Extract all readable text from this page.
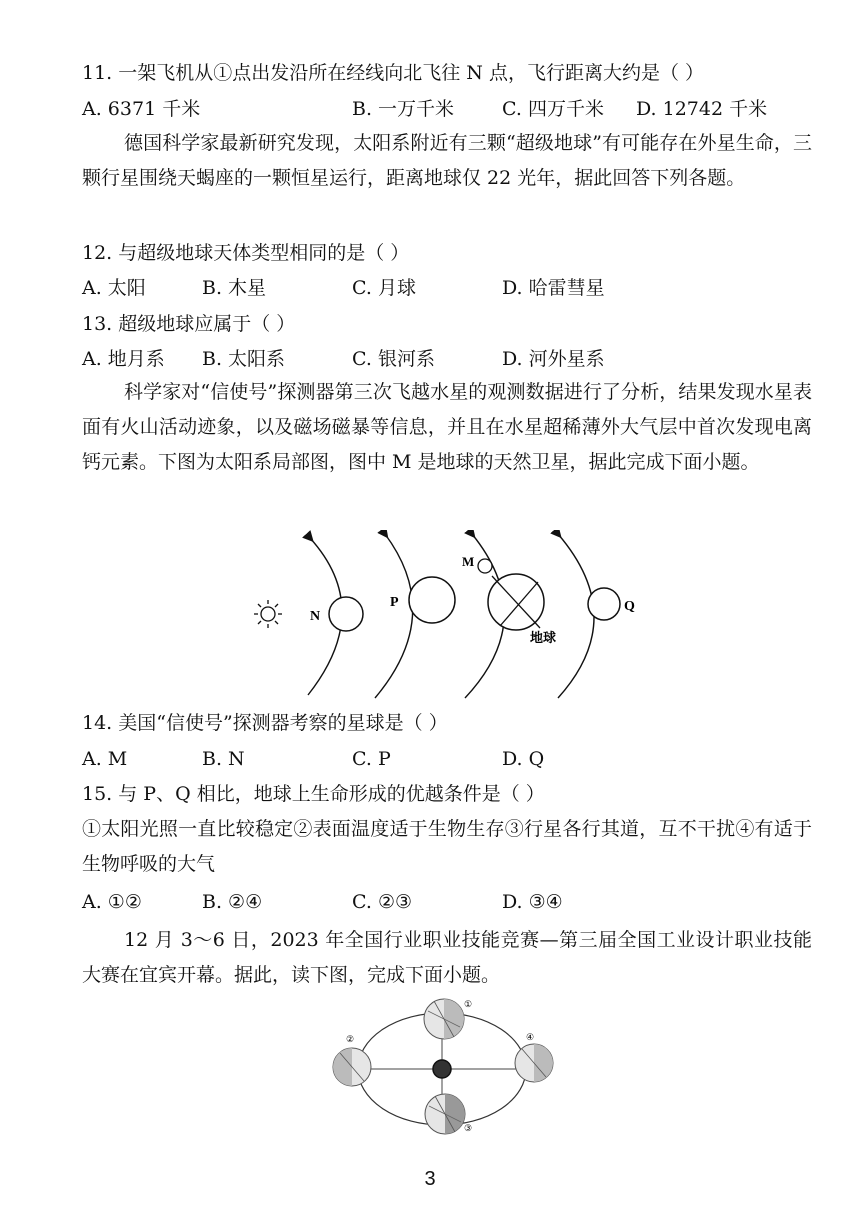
11. 一架飞机从①点出发沿所在经线向北飞往 N 点，飞行距离大约是（ ）
A. 6371 千米	B. 一万千米	C. 四万千米 D. 12742 千米
德国科学家最新研究发现，太阳系附近有三颗“超级地球”有可能存在外星生命，三颗行星围绕天蝎座的一颗恒星运行，距离地球仅 22 光年，据此回答下列各题。
12. 与超级地球天体类型相同的是（ ）
A. 太阳	B. 木星	C. 月球	D. 哈雷彗星
13. 超级地球应属于（ ）
A. 地月系 B. 太阳系	C. 银河系	D. 河外星系
科学家对“信使号”探测器第三次飞越水星的观测数据进行了分析，结果发现水星表面有火山活动迹象，以及磁场磁暴等信息，并且在水星超稀薄外大气层中首次发现电离钙元素。下图为太阳系局部图，图中 M 是地球的天然卫星，据此完成下面小题。
N
P
地球
M
Q
14. 美国“信使号”探测器考察的星球是（ ）
A. M	B. N	C. P	D. Q
15. 与 P、Q 相比，地球上生命形成的优越条件是（ ）
①太阳光照一直比较稳定②表面温度适于生物生存③行星各行其道，互不干扰④有适于生物呼吸的大气
A. ①②	B. ②④	C. ②③	D. ③④
12 月 3～6 日，2023 年全国行业职业技能竞赛—第三届全国工业设计职业技能大赛在宜宾开幕。据此，读下图，完成下面小题。
①
②
③
④
3
